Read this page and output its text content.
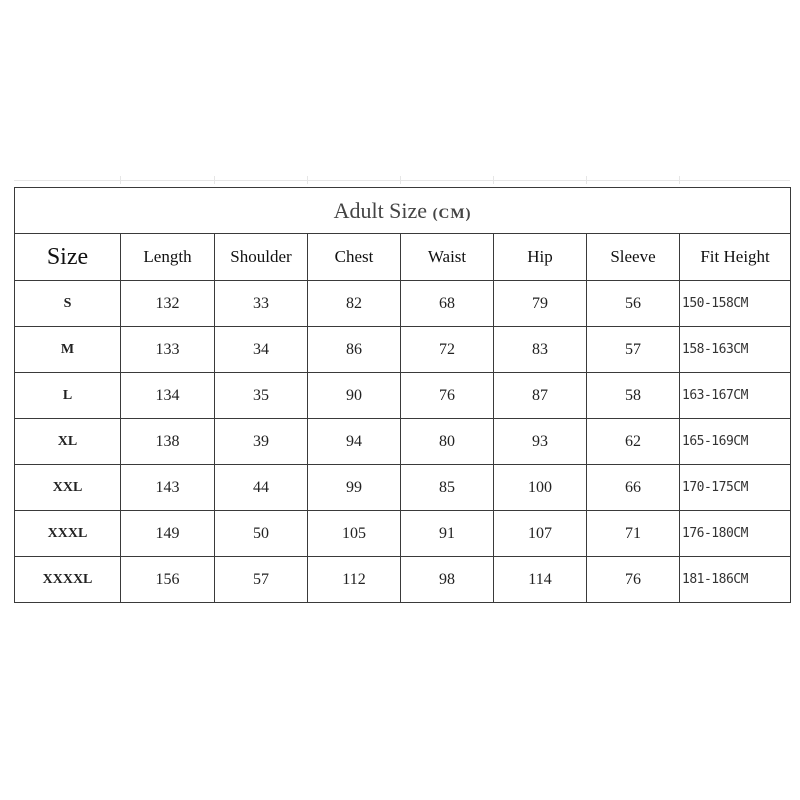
Adult Size (CM)							
Size	Length	Shoulder	Chest	Waist	Hip	Sleeve	Fit Height
S	132	33	82	68	79	56	150-158CM
M	133	34	86	72	83	57	158-163CM
L	134	35	90	76	87	58	163-167CM
XL	138	39	94	80	93	62	165-169CM
XXL	143	44	99	85	100	66	170-175CM
XXXL	149	50	105	91	107	71	176-180CM
XXXXL	156	57	112	98	114	76	181-186CM
